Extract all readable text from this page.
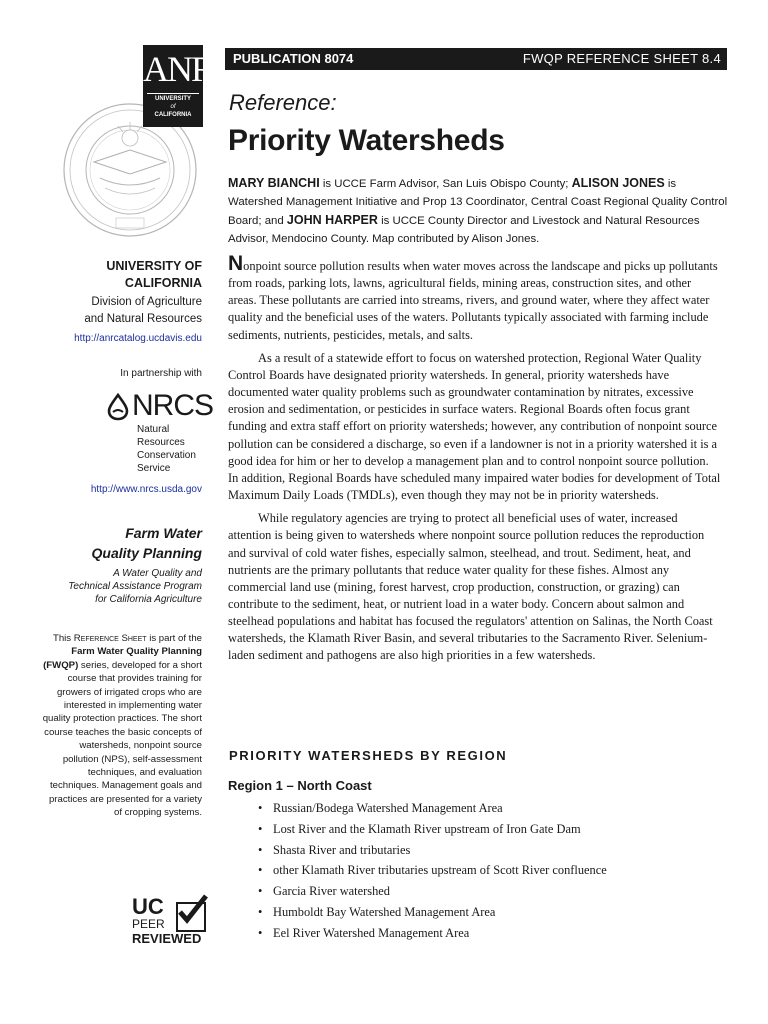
ANR
UNIVERSITY
of
CALIFORNIA
UNIVERSITY OF
CALIFORNIA
Division of Agriculture
and Natural Resources
http://anrcatalog.ucdavis.edu
In partnership with
NRCS
Natural
Resources
Conservation
Service
http://www.nrcs.usda.gov
Farm Water
Quality Planning
A Water Quality and
Technical Assistance Program
for California Agriculture
This Reference Sheet is part of the Farm Water Quality Planning (FWQP) series, developed for a short course that provides training for growers of irrigated crops who are interested in implementing water quality protection practices. The short course teaches the basic concepts of watersheds, nonpoint source pollution (NPS), self-assessment techniques, and evaluation techniques. Management goals and practices are presented for a variety of cropping systems.
UC
PEER
REVIEWED
PUBLICATION 8074	FWQP REFERENCE SHEET 8.4
Reference:
Priority Watersheds
MARY BIANCHI is UCCE Farm Advisor, San Luis Obispo County; ALISON JONES is Watershed Management Initiative and Prop 13 Coordinator, Central Coast Regional Quality Control Board; and JOHN HARPER is UCCE County Director and Livestock and Natural Resources Advisor, Mendocino County. Map contributed by Alison Jones.

Nonpoint source pollution results when water moves across the landscape and picks up pollutants from roads, parking lots, lawns, agricultural fields, mining areas, construction sites, and other areas. These pollutants are carried into streams, rivers, and ground water, where they affect water quality and the beneficial uses of the waters. Pollutants typically associated with farming include sediments, nutrients, pesticides, metals, and salts.

As a result of a statewide effort to focus on watershed protection, Regional Water Quality Control Boards have designated priority watersheds. In general, priority watersheds have documented water quality problems such as groundwater contamination by nitrates, excessive erosion and sedimentation, or pesticides in surface waters. Regional Boards often focus grant funding and extra staff effort on priority watersheds; however, any contribution of nonpoint source pollution can be considered a discharge, so even if a landowner is not in a priority watershed it is a good idea for him or her to develop a management plan and to control nonpoint source pollution. In addition, Regional Boards have scheduled many impaired water bodies for development of Total Maximum Daily Loads (TMDLs), even though they may not be in priority watersheds.

While regulatory agencies are trying to protect all beneficial uses of water, increased attention is being given to watersheds where nonpoint source pollution reduces the reproduction and survival of cold water fishes, especially salmon, steelhead, and trout. Sediment, heat, and nutrients are the primary pollutants that reduce water quality for these fishes. Almost any commercial land use (mining, forest harvest, crop production, construction, or grazing) can contribute to the sediment, heat, or nutrient load in a water body. Concern about salmon and steelhead populations and habitat has focused the regulators' attention on Salinas, the North Coast watersheds, the Klamath River Basin, and several tributaries to the Sacramento River. Selenium-laden sediment and pathogens are also high priorities in a few watersheds.

PRIORITY WATERSHEDS BY REGION
Region 1 – North Coast
• Russian/Bodega Watershed Management Area
• Lost River and the Klamath River upstream of Iron Gate Dam
• Shasta River and tributaries
• other Klamath River tributaries upstream of Scott River confluence
• Garcia River watershed
• Humboldt Bay Watershed Management Area
• Eel River Watershed Management Area
